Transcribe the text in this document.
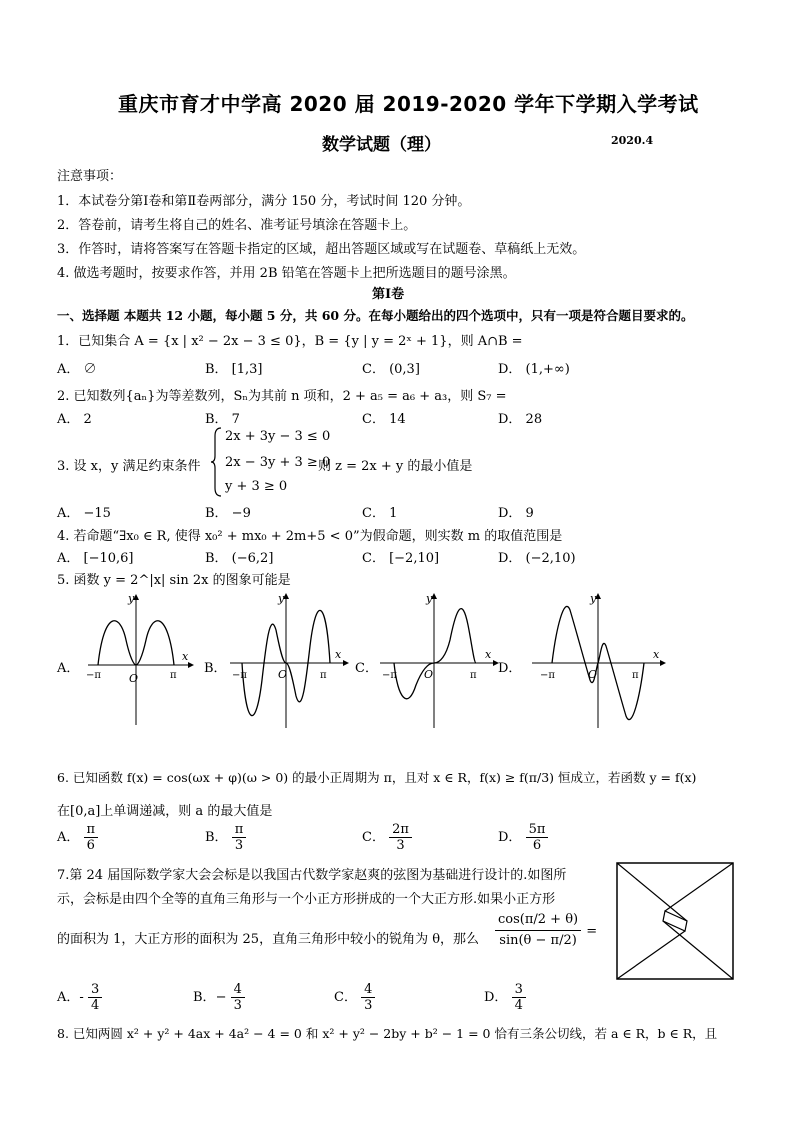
重庆市育才中学高 2020 届 2019-2020 学年下学期入学考试
数学试题（理）	2020.4
注意事项：
1．本试卷分第Ⅰ卷和第Ⅱ卷两部分，满分 150 分，考试时间 120 分钟。
2．答卷前，请考生将自己的姓名、准考证号填涂在答题卡上。
3．作答时，请将答案写在答题卡指定的区域，超出答题区域或写在试题卷、草稿纸上无效。
4. 做选考题时，按要求作答，并用 2B 铅笔在答题卡上把所选题目的题号涂黑。
第Ⅰ卷
一、选择题 本题共 12 小题，每小题 5 分，共 60 分。在每小题给出的四个选项中，只有一项是符合题目要求的。
1．已知集合 A = {x | x² − 2x − 3 ≤ 0}，B = {y | y = 2ˣ + 1}，则 A∩B =
A． ∅	B． [1,3]	C． (0,3]	D． (1,+∞)
2. 已知数列{aₙ}为等差数列，Sₙ为其前 n 项和，2 + a₅ = a₆ + a₃，则 S₇ =
A． 2	B． 7	C． 14	D． 28
3. 设 x，y 满足约束条件
2x + 3y − 3 ≤ 0
2x − 3y + 3 ≥ 0
y + 3 ≥ 0
则 z = 2x + y 的最小值是
A． −15	B． −9	C． 1	D． 9
4. 若命题“∃x₀ ∈ R, 使得 x₀² + mx₀ + 2m+5 < 0”为假命题，则实数 m 的取值范围是
A． [−10,6]	B． (−6,2]	C． [−2,10]	D． (−2,10)
5. 函数 y = 2^|x| sin 2x 的图象可能是
A．
y
x
O
−π	π B．
y
x
O
−π	π C．
y
x
O
−π	π D．
y
x
O
−π	π
6. 已知函数 f(x) = cos(ωx + φ)(ω > 0) 的最小正周期为 π，且对 x ∈ R，f(x) ≥ f(π/3) 恒成立，若函数 y = f(x)
在[0,a]上单调递减，则 a 的最大值是
A． $\frac{\pi}{6}$	B． $\frac{\pi}{3}$	C． $\frac{2\pi}{3}$	D． $\frac{5\pi}{6}$
7.第 24 届国际数学家大会会标是以我国古代数学家赵爽的弦图为基础进行设计的.如图所
示，会标是由四个全等的直角三角形与一个小正方形拼成的一个大正方形.如果小正方形
的面积为 1，大正方形的面积为 25，直角三角形中较小的锐角为 θ，那么 $\frac{\cos(\pi/2 + \theta)}{\sin(\theta - \pi/2)}$ =
A．- $\frac{3}{4}$	B．− $\frac{4}{3}$	C． $\frac{4}{3}$	D． $\frac{3}{4}$
8. 已知两圆 x² + y² + 4ax + 4a² − 4 = 0 和 x² + y² − 2by + b² − 1 = 0 恰有三条公切线，若 a ∈ R，b ∈ R，且
